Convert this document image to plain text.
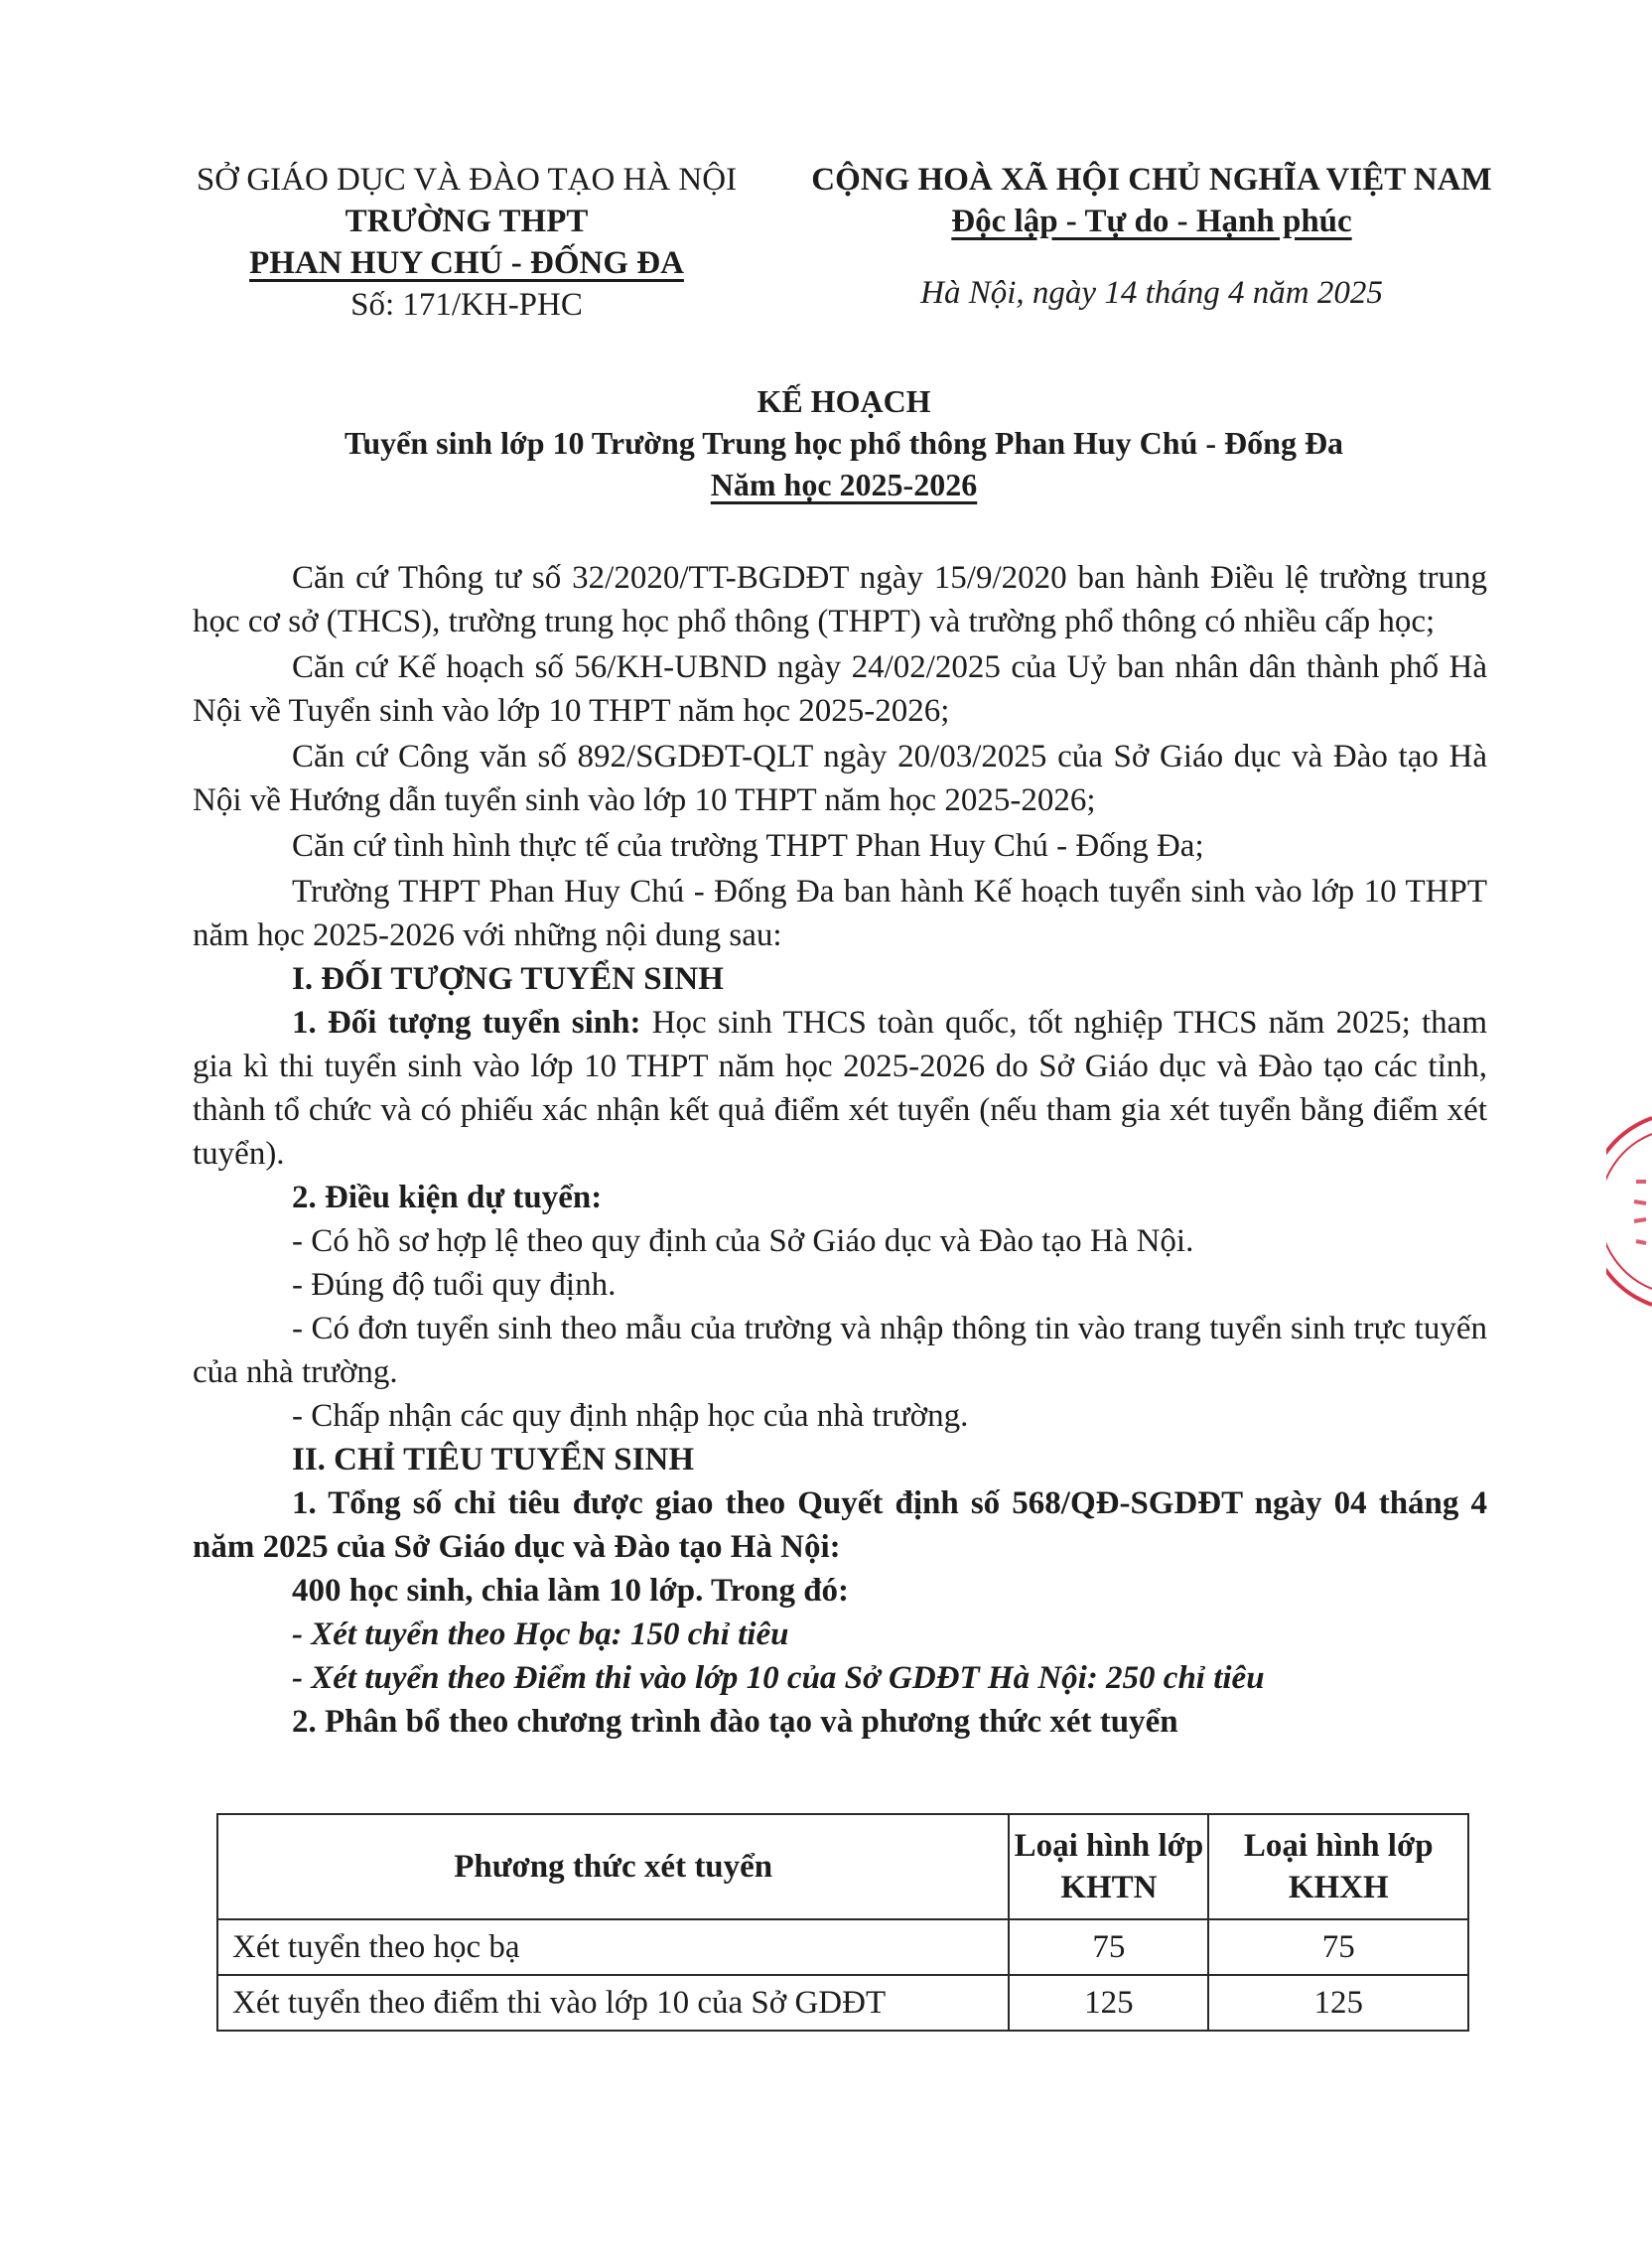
SỞ GIÁO DỤC VÀ ĐÀO TẠO HÀ NỘI
TRƯỜNG THPT
PHAN HUY CHÚ - ĐỐNG ĐA
Số: 171/KH-PHC
CỘNG HOÀ XÃ HỘI CHỦ NGHĨA VIỆT NAM
Độc lập - Tự do - Hạnh phúc
Hà Nội, ngày 14 tháng 4 năm 2025
KẾ HOẠCH
Tuyển sinh lớp 10 Trường Trung học phổ thông Phan Huy Chú - Đống Đa
Năm học 2025-2026

Căn cứ Thông tư số 32/2020/TT-BGDĐT ngày 15/9/2020 ban hành Điều lệ trường trung học cơ sở (THCS), trường trung học phổ thông (THPT) và trường phổ thông có nhiều cấp học;

Căn cứ Kế hoạch số 56/KH-UBND ngày 24/02/2025 của Uỷ ban nhân dân thành phố Hà Nội về Tuyển sinh vào lớp 10 THPT năm học 2025-2026;

Căn cứ Công văn số 892/SGDĐT-QLT ngày 20/03/2025 của Sở Giáo dục và Đào tạo Hà Nội về Hướng dẫn tuyển sinh vào lớp 10 THPT năm học 2025-2026;

Căn cứ tình hình thực tế của trường THPT Phan Huy Chú - Đống Đa;

Trường THPT Phan Huy Chú - Đống Đa ban hành Kế hoạch tuyển sinh vào lớp 10 THPT năm học 2025-2026 với những nội dung sau:

I. ĐỐI TƯỢNG TUYỂN SINH

1. Đối tượng tuyển sinh: Học sinh THCS toàn quốc, tốt nghiệp THCS năm 2025; tham gia kì thi tuyển sinh vào lớp 10 THPT năm học 2025-2026 do Sở Giáo dục và Đào tạo các tỉnh, thành tổ chức và có phiếu xác nhận kết quả điểm xét tuyển (nếu tham gia xét tuyển bằng điểm xét tuyển).

2. Điều kiện dự tuyển:

- Có hồ sơ hợp lệ theo quy định của Sở Giáo dục và Đào tạo Hà Nội.

- Đúng độ tuổi quy định.

- Có đơn tuyển sinh theo mẫu của trường và nhập thông tin vào trang tuyển sinh trực tuyến của nhà trường.

- Chấp nhận các quy định nhập học của nhà trường.

II. CHỈ TIÊU TUYỂN SINH

1. Tổng số chỉ tiêu được giao theo Quyết định số 568/QĐ-SGDĐT ngày 04 tháng 4 năm 2025 của Sở Giáo dục và Đào tạo Hà Nội:

400 học sinh, chia làm 10 lớp. Trong đó:

- Xét tuyển theo Học bạ: 150 chỉ tiêu

- Xét tuyển theo Điểm thi vào lớp 10 của Sở GDĐT Hà Nội: 250 chỉ tiêu

2. Phân bổ theo chương trình đào tạo và phương thức xét tuyển

Phương thức xét tuyển	Loại hình lớp KHTN	Loại hình lớp KHXH
Xét tuyển theo học bạ	75	75
Xét tuyển theo điểm thi vào lớp 10 của Sở GDĐT	125	125
